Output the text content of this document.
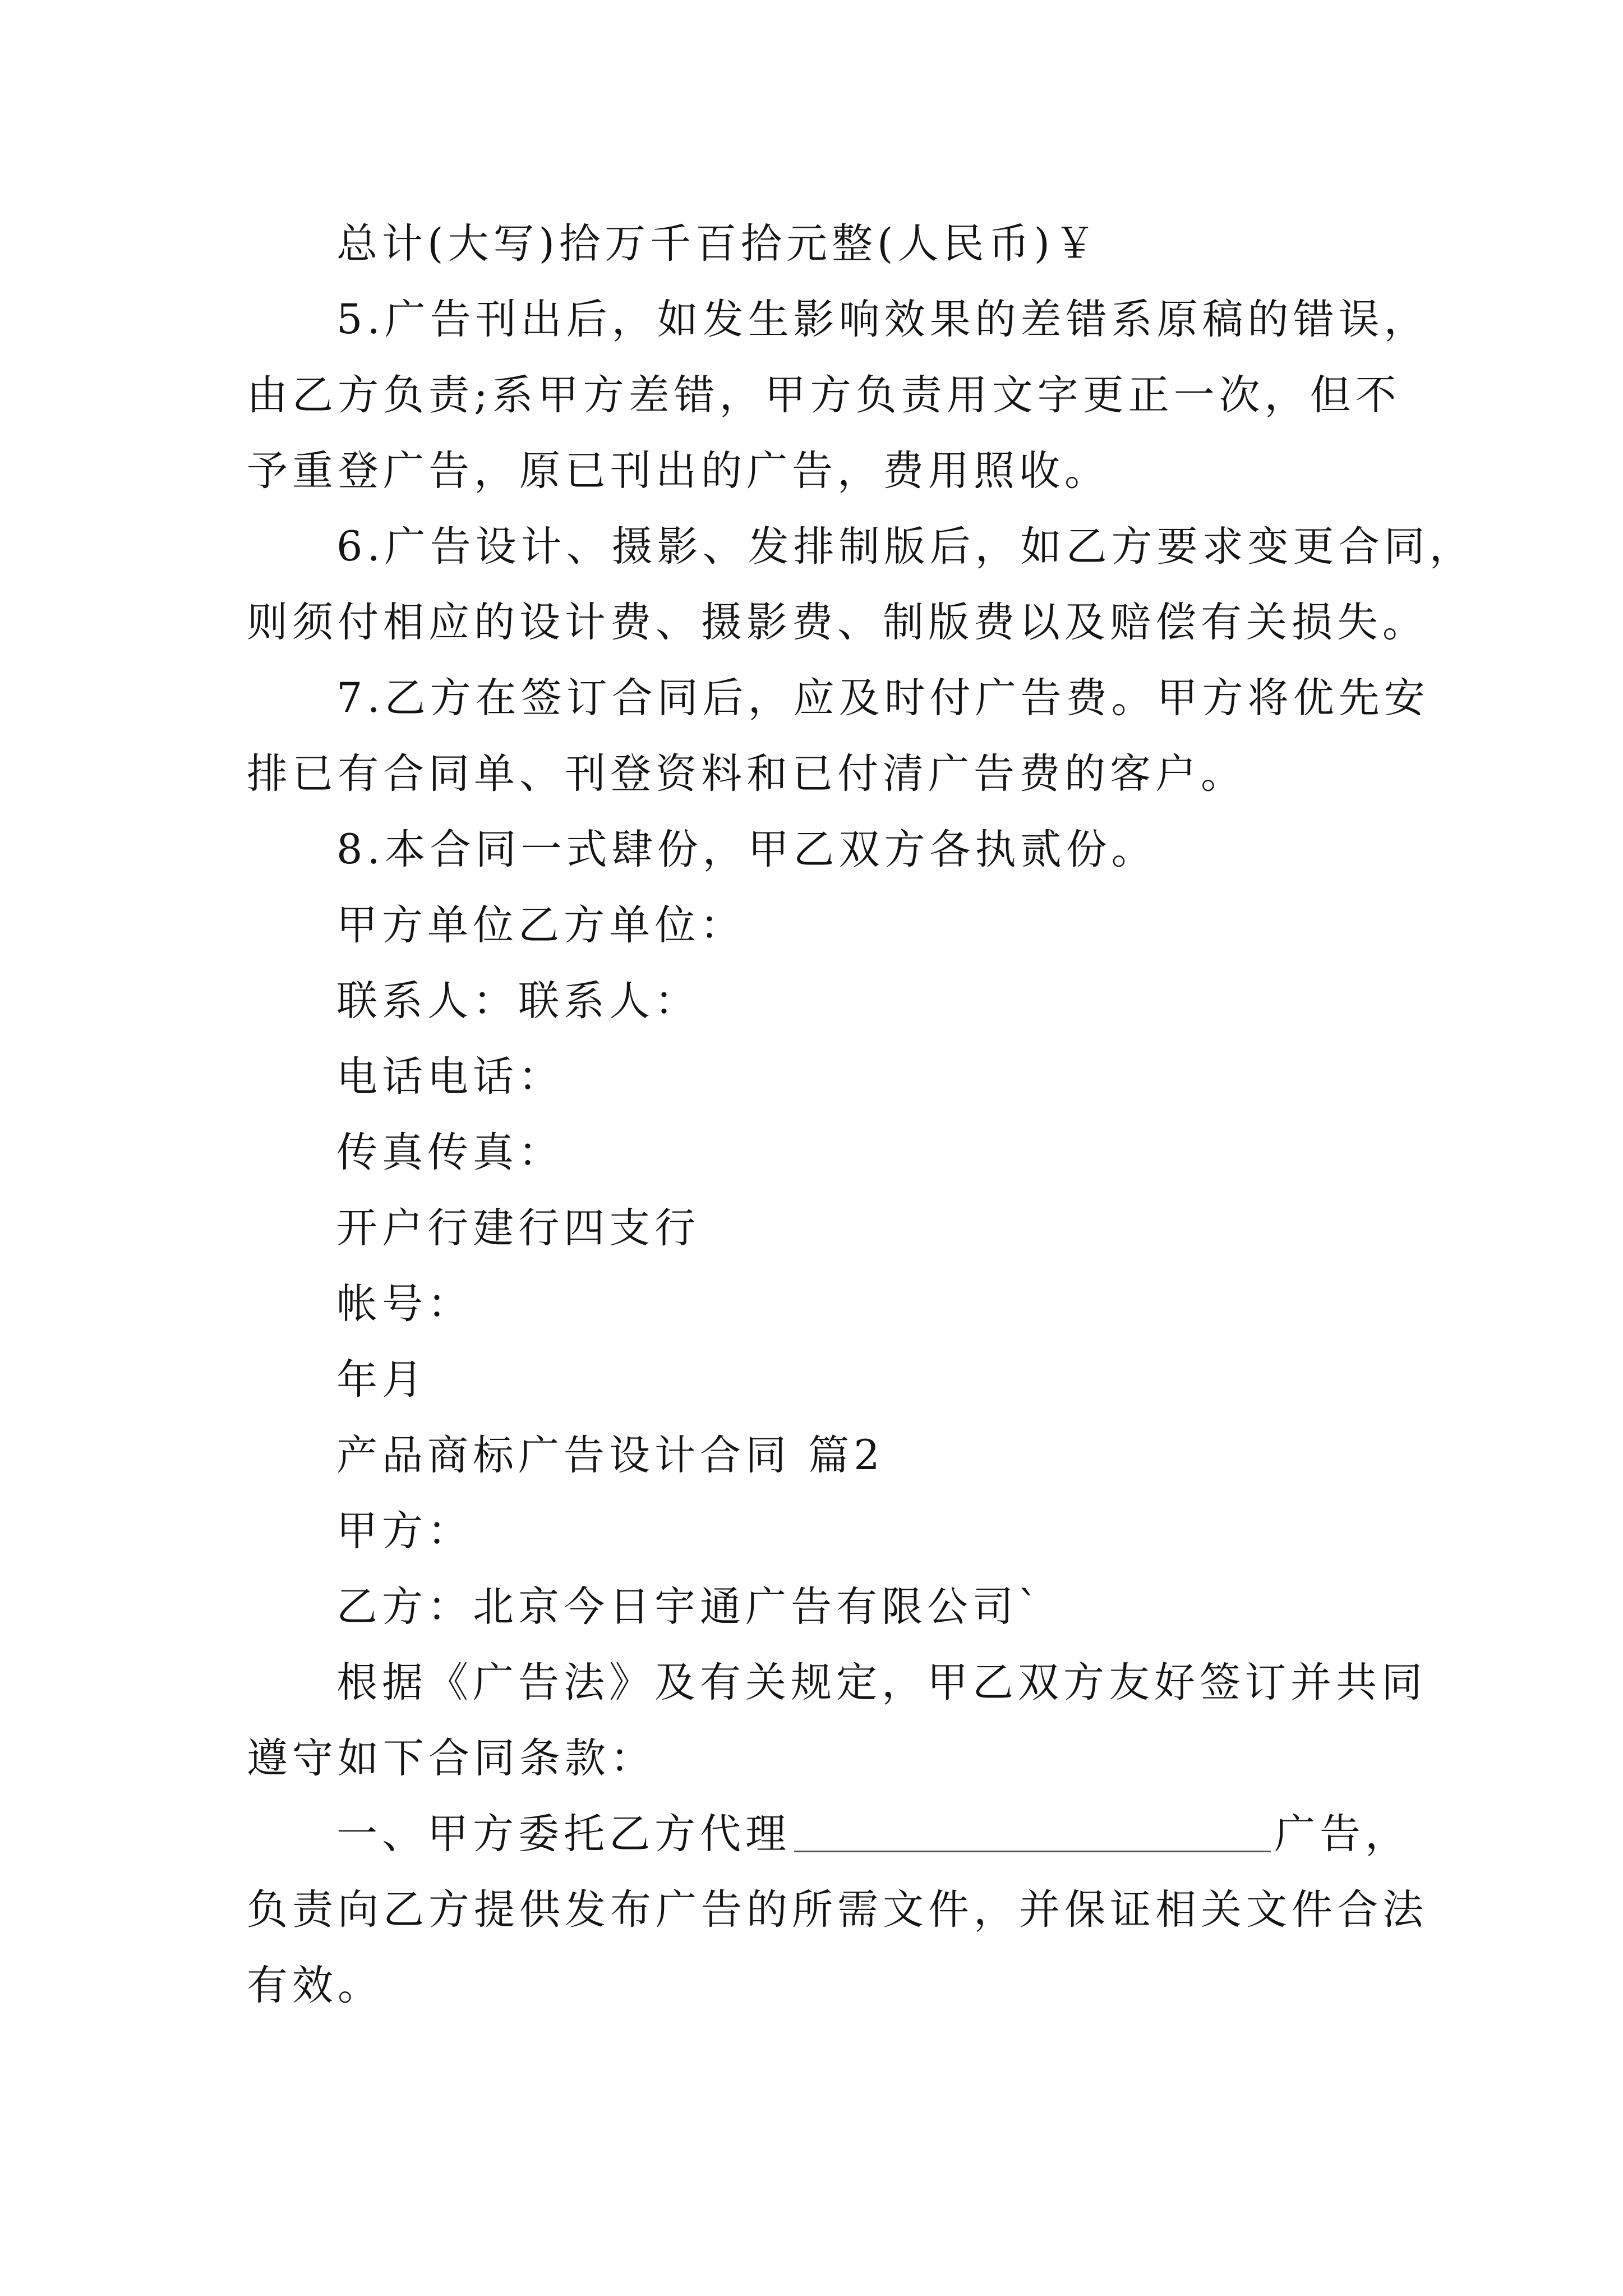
总计(大写)拾万千百拾元整(人民币)￥
5.广告刊出后，如发生影响效果的差错系原稿的错误，
由乙方负责;系甲方差错，甲方负责用文字更正一次，但不
予重登广告，原已刊出的广告，费用照收。
6.广告设计、摄影、发排制版后，如乙方要求变更合同，
则须付相应的设计费、摄影费、制版费以及赔偿有关损失。
7.乙方在签订合同后，应及时付广告费。甲方将优先安
排已有合同单、刊登资料和已付清广告费的客户。
8.本合同一式肆份，甲乙双方各执贰份。
甲方单位乙方单位：
联系人：联系人：
电话电话：
传真传真：
开户行建行四支行
帐号：
年月
产品商标广告设计合同 篇2
甲方：
乙方：北京今日宇通广告有限公司`
根据《广告法》及有关规定，甲乙双方友好签订并共同
遵守如下合同条款：
一、甲方委托乙方代理	广告，
负责向乙方提供发布广告的所需文件，并保证相关文件合法
有效。
